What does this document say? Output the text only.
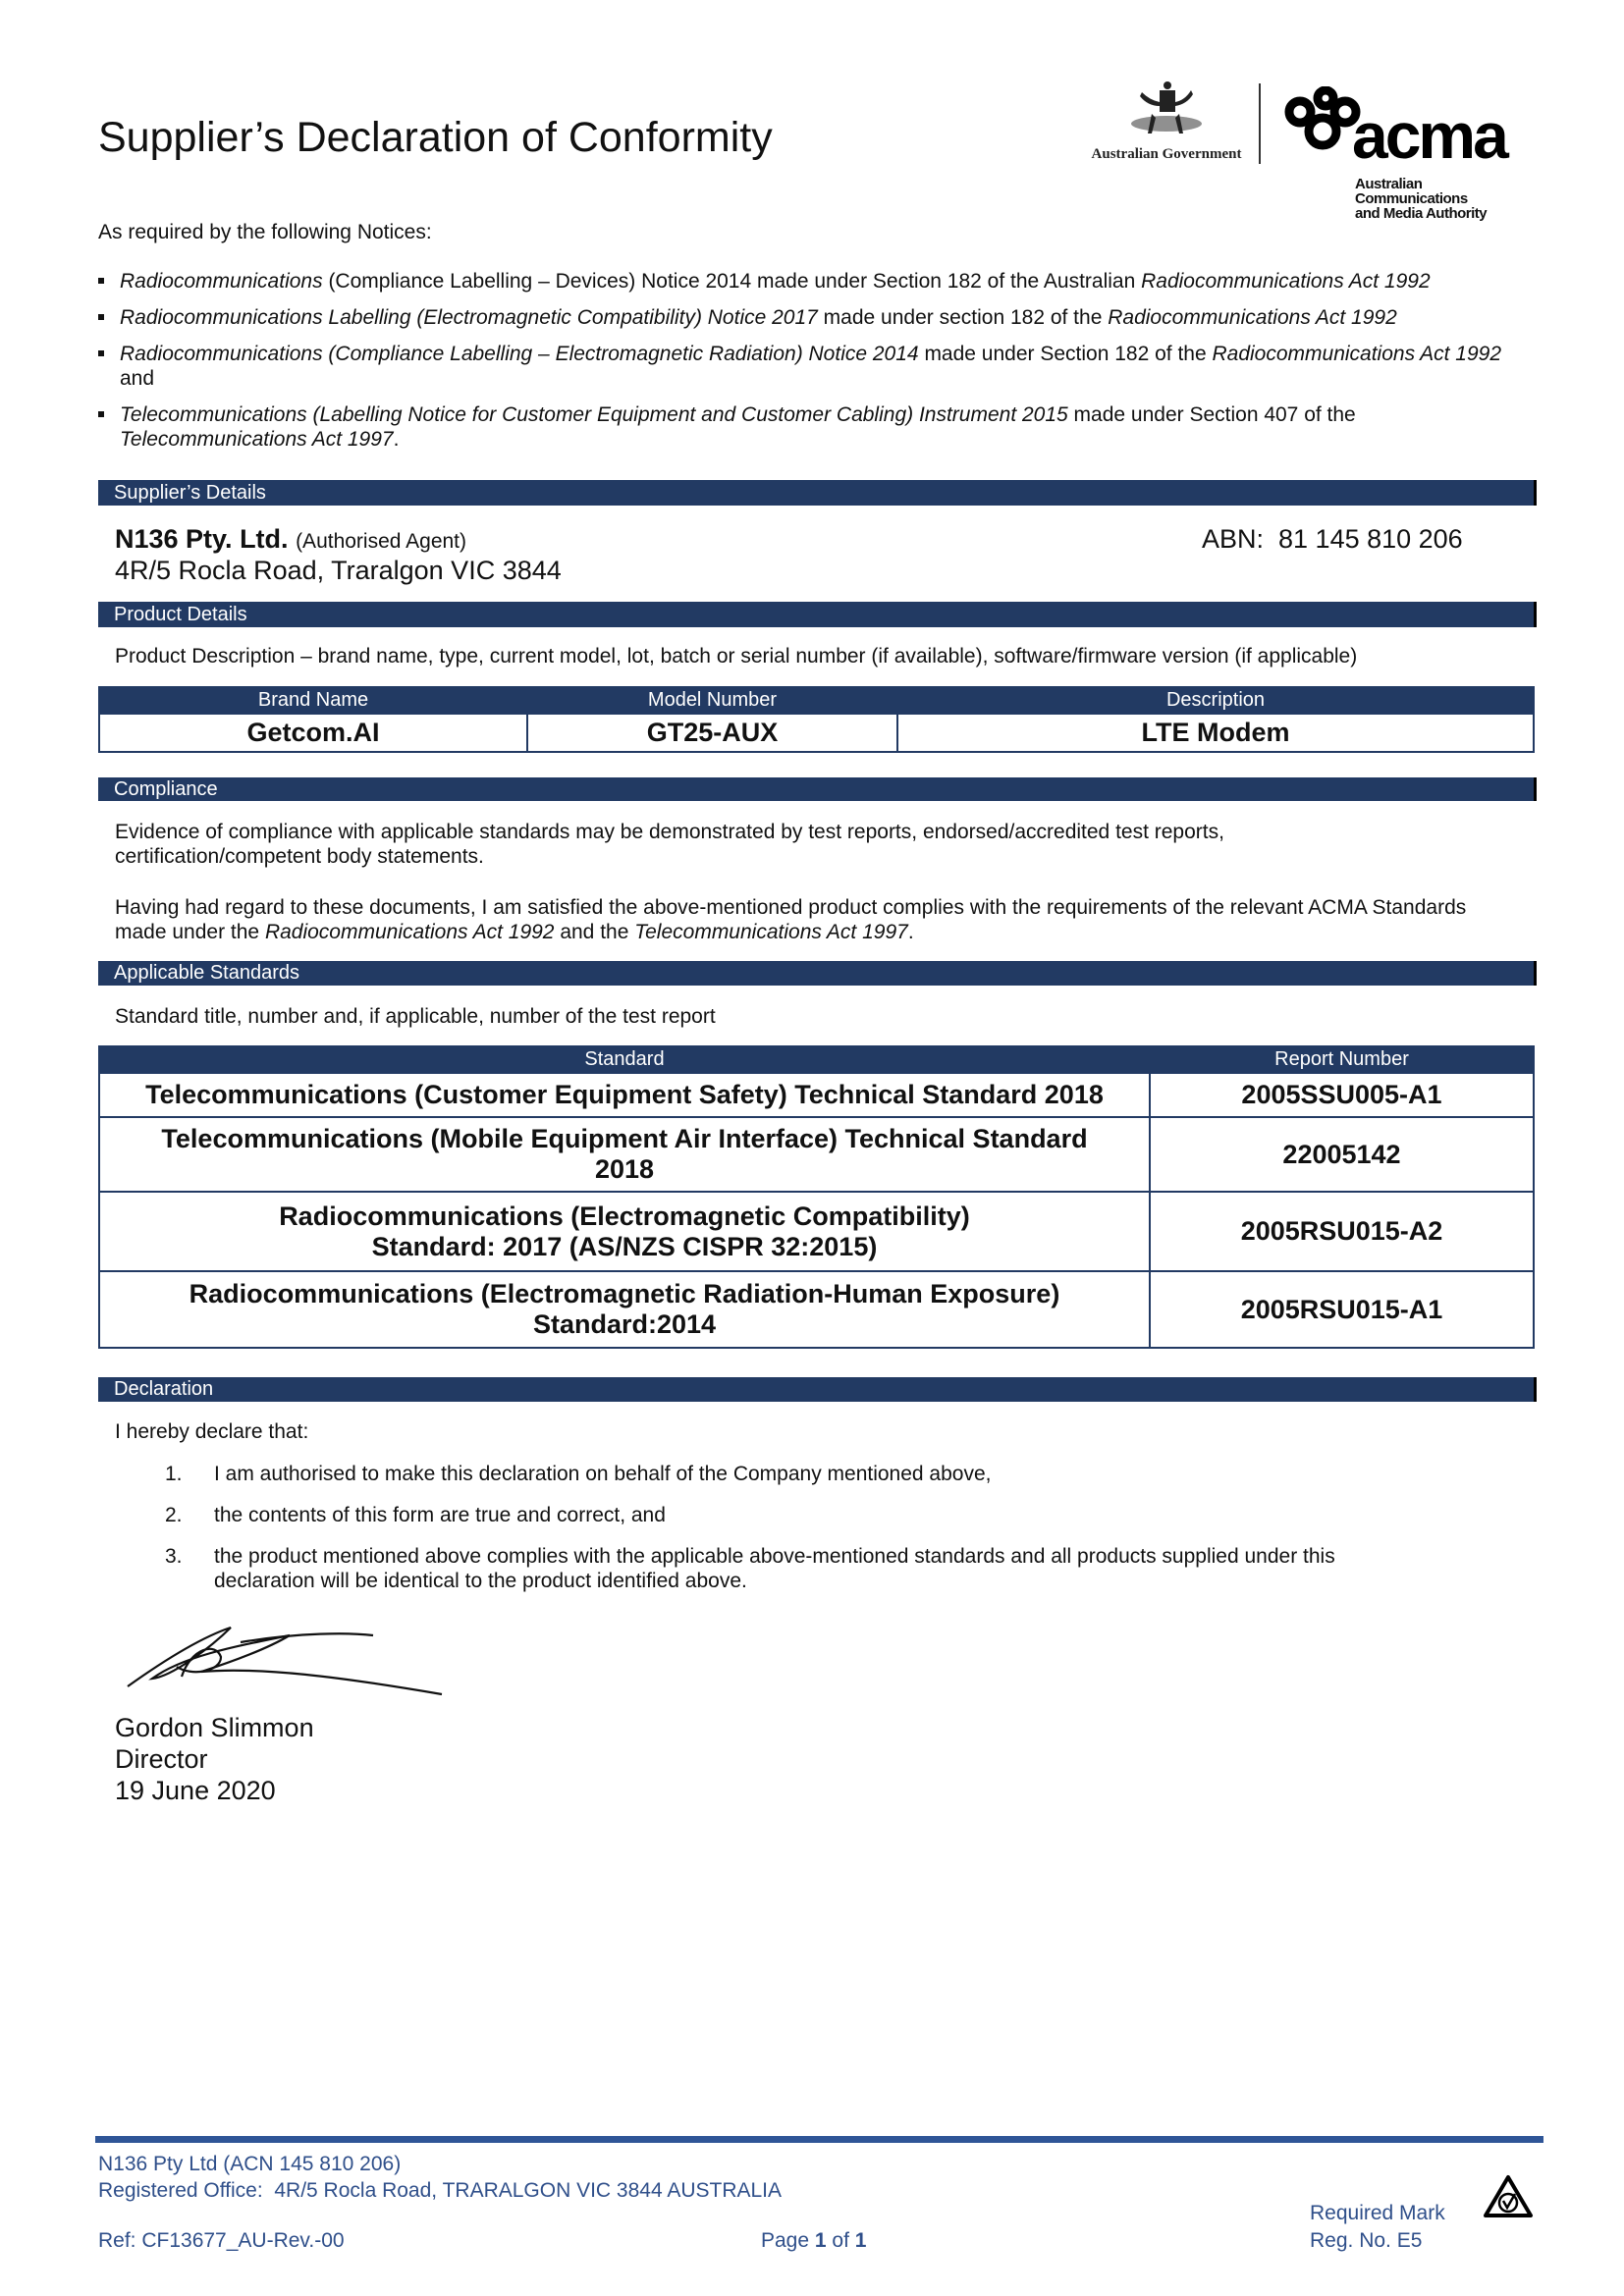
Supplier’s Declaration of Conformity	Australian Government acma
Australian
Communications
and Media Authority
As required by the following Notices:
Radiocommunications (Compliance Labelling – Devices) Notice 2014 made under Section 182 of the Australian Radiocommunications Act 1992
Radiocommunications Labelling (Electromagnetic Compatibility) Notice 2017 made under section 182 of the Radiocommunications Act 1992
Radiocommunications (Compliance Labelling – Electromagnetic Radiation) Notice 2014 made under Section 182 of the Radiocommunications Act 1992 and
Telecommunications (Labelling Notice for Customer Equipment and Customer Cabling) Instrument 2015 made under Section 407 of the Telecommunications Act 1997.
Supplier’s Details
N136 Pty. Ltd. (Authorised Agent)
4R/5 Rocla Road, Traralgon VIC 3844
ABN:  81 145 810 206
Product Details
Product Description – brand name, type, current model, lot, batch or serial number (if available), software/firmware version (if applicable)
Brand Name	Model Number	Description
Getcom.AI	GT25-AUX	LTE Modem
Compliance
Evidence of compliance with applicable standards may be demonstrated by test reports, endorsed/accredited test reports, certification/competent body statements.
Having had regard to these documents, I am satisfied the above-mentioned product complies with the requirements of the relevant ACMA Standards made under the Radiocommunications Act 1992 and the Telecommunications Act 1997.
Applicable Standards
Standard title, number and, if applicable, number of the test report
Standard	Report Number
Telecommunications (Customer Equipment Safety) Technical Standard 2018	2005SSU005-A1
Telecommunications (Mobile Equipment Air Interface) Technical Standard 2018	22005142
Radiocommunications (Electromagnetic Compatibility) Standard: 2017 (AS/NZS CISPR 32:2015)	2005RSU015-A2
Radiocommunications (Electromagnetic Radiation-Human Exposure) Standard:2014	2005RSU015-A1
Declaration
I hereby declare that:
1. I am authorised to make this declaration on behalf of the Company mentioned above,
2. the contents of this form are true and correct, and
3. the product mentioned above complies with the applicable above-mentioned standards and all products supplied under this declaration will be identical to the product identified above.
Gordon Slimmon
Director
19 June 2020
N136 Pty Ltd (ACN 145 810 206)
Registered Office:  4R/5 Rocla Road, TRARALGON VIC 3844 AUSTRALIA
Ref: CF13677_AU-Rev.-00	Page 1 of 1
Required Mark
Reg. No. E5
